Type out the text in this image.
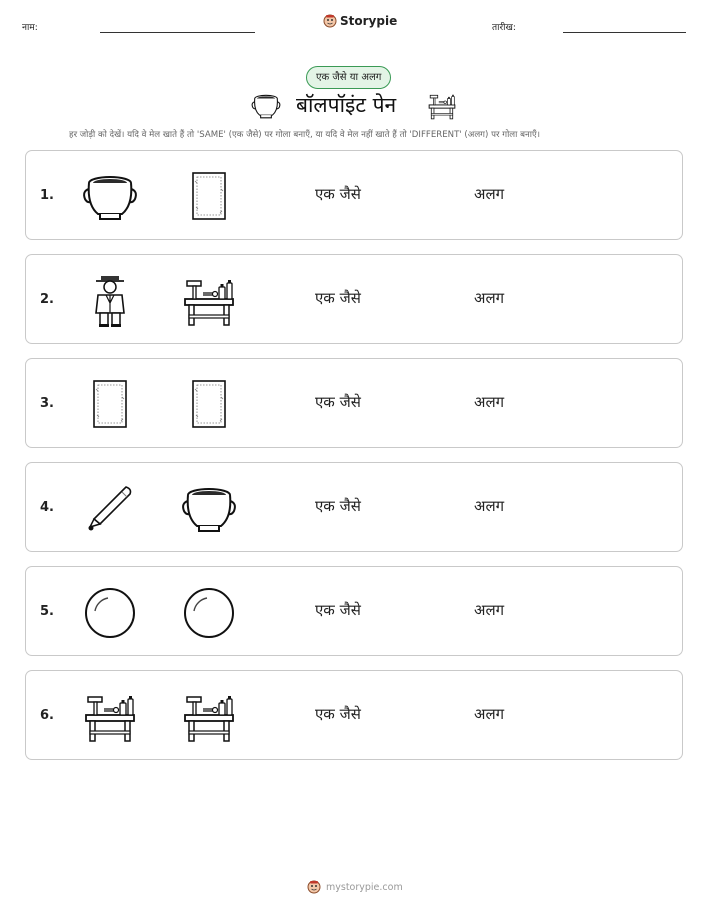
नाम:	Storypie	तारीख:
एक जैसे या अलग
बॉलपॉइंट पेन
हर जोड़ी को देखें। यदि वे मेल खाते हैं तो 'SAME' (एक जैसे) पर गोला बनाएँ, या यदि वे मेल नहीं खाते हैं तो 'DIFFERENT' (अलग) पर गोला बनाएँ।
1.	एक जैसे	अलग
2.	एक जैसे	अलग
3.	एक जैसे	अलग
4.	एक जैसे	अलग
5.	एक जैसे	अलग
6.	एक जैसे	अलग
mystorypie.com
